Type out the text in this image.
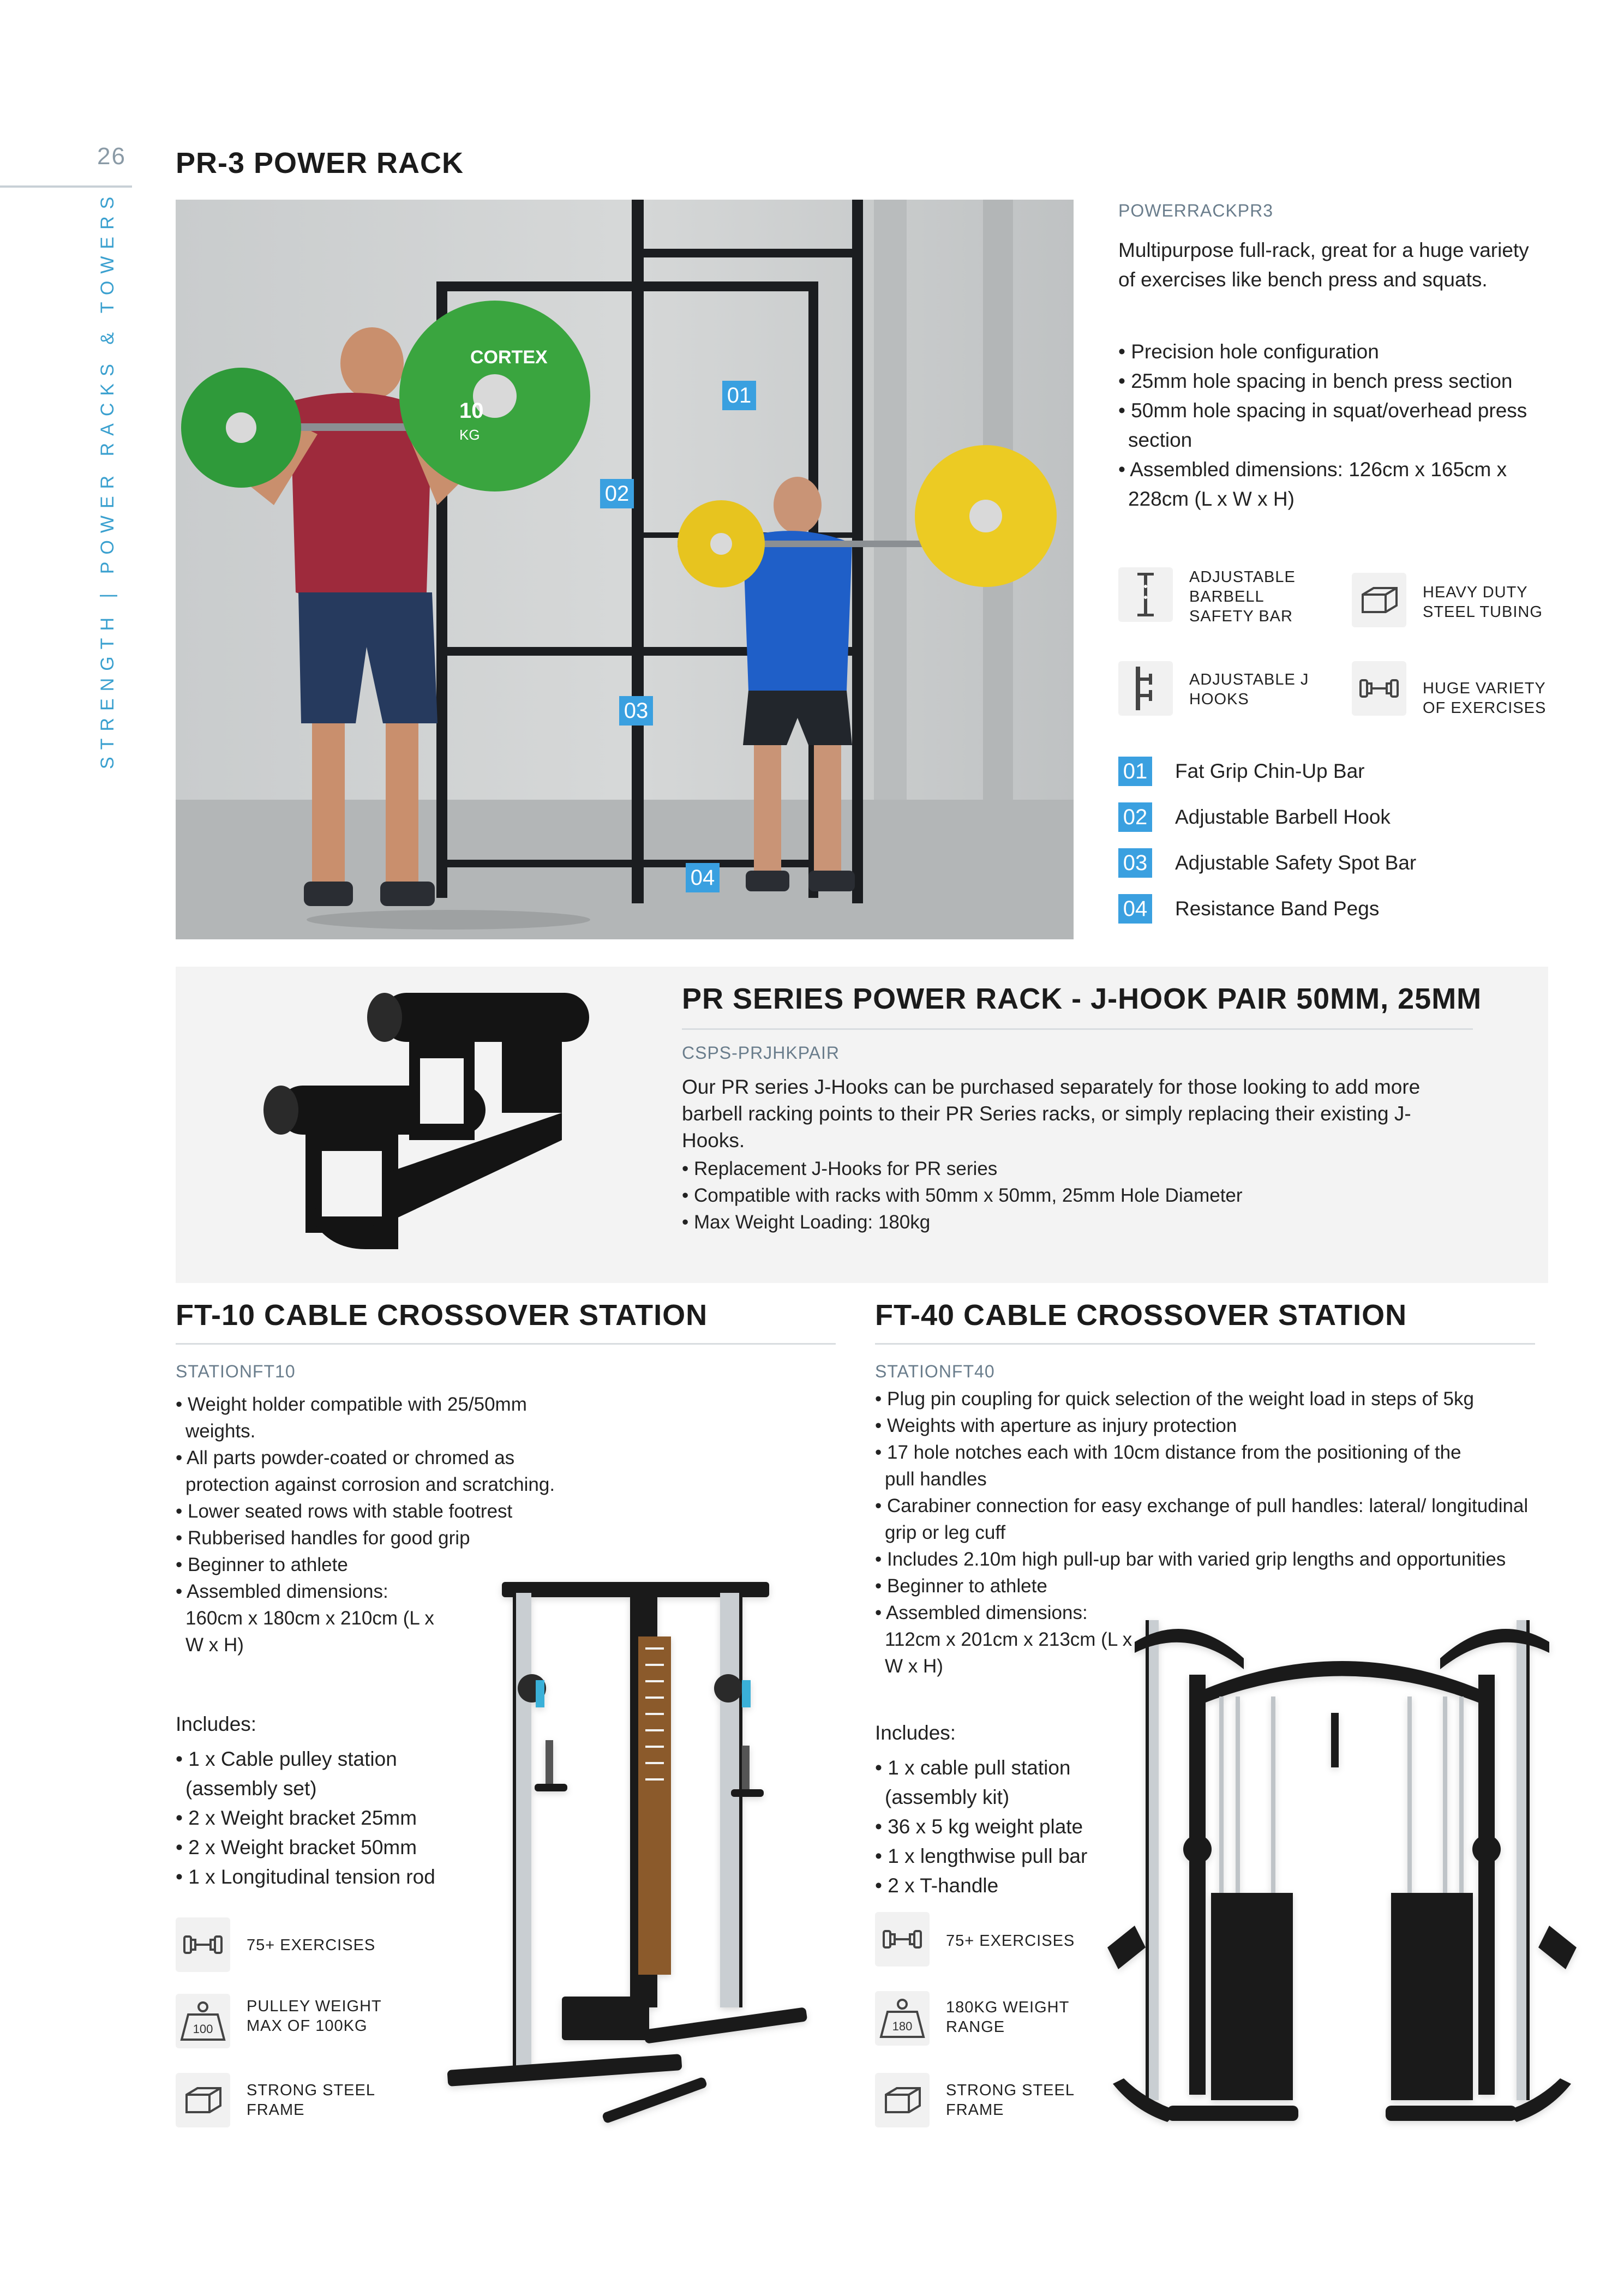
26
STRENGTH | POWER RACKS & TOWERS
PR-3 POWER RACK
CORTEX
10
KG
01
02
03
04
POWERRACKPR3
Multipurpose full-rack, great for a huge variety of exercises like bench press and squats.
• Precision hole configuration
• 25mm hole spacing in bench press section
• 50mm hole spacing in squat/overhead press section
• Assembled dimensions: 126cm x 165cm x 228cm (L x W x H)
ADJUSTABLE BARBELL SAFETY BAR
HEAVY DUTY STEEL TUBING
ADJUSTABLE J HOOKS
HUGE VARIETY OF EXERCISES
01 Fat Grip Chin-Up Bar
02 Adjustable Barbell Hook
03 Adjustable Safety Spot Bar
04 Resistance Band Pegs
PR SERIES POWER RACK - J-HOOK PAIR 50MM, 25MM
CSPS-PRJHKPAIR
Our PR series J-Hooks can be purchased separately for those looking to add more barbell racking points to their PR Series racks, or simply replacing their existing J-Hooks.
• Replacement J-Hooks for PR series
• Compatible with racks with 50mm x 50mm, 25mm Hole Diameter
• Max Weight Loading: 180kg
FT-10 CABLE CROSSOVER STATION
STATIONFT10
• Weight holder compatible with 25/50mm weights.
• All parts powder-coated or chromed as protection against corrosion and scratching.
• Lower seated rows with stable footrest
• Rubberised handles for good grip
• Beginner to athlete
• Assembled dimensions: 160cm x 180cm x 210cm (L x W x H)
Includes:
• 1 x Cable pulley station (assembly set)
• 2 x Weight bracket 25mm
• 2 x Weight bracket 50mm
• 1 x Longitudinal tension rod
75+ EXERCISES
100
PULLEY WEIGHT MAX OF 100KG
STRONG STEEL FRAME
FT-40 CABLE CROSSOVER STATION
STATIONFT40
• Plug pin coupling for quick selection of the weight load in steps of 5kg
• Weights with aperture as injury protection
• 17 hole notches each with 10cm distance from the positioning of the pull handles
• Carabiner connection for easy exchange of pull handles: lateral/ longitudinal grip or leg cuff
• Includes 2.10m high pull-up bar with varied grip lengths and opportunities
• Beginner to athlete
• Assembled dimensions: 112cm x 201cm x 213cm (L x W x H)
Includes:
• 1 x cable pull station (assembly kit)
• 36 x 5 kg weight plate
• 1 x lengthwise pull bar
• 2 x T-handle
75+ EXERCISES
180
180KG WEIGHT RANGE
STRONG STEEL FRAME
